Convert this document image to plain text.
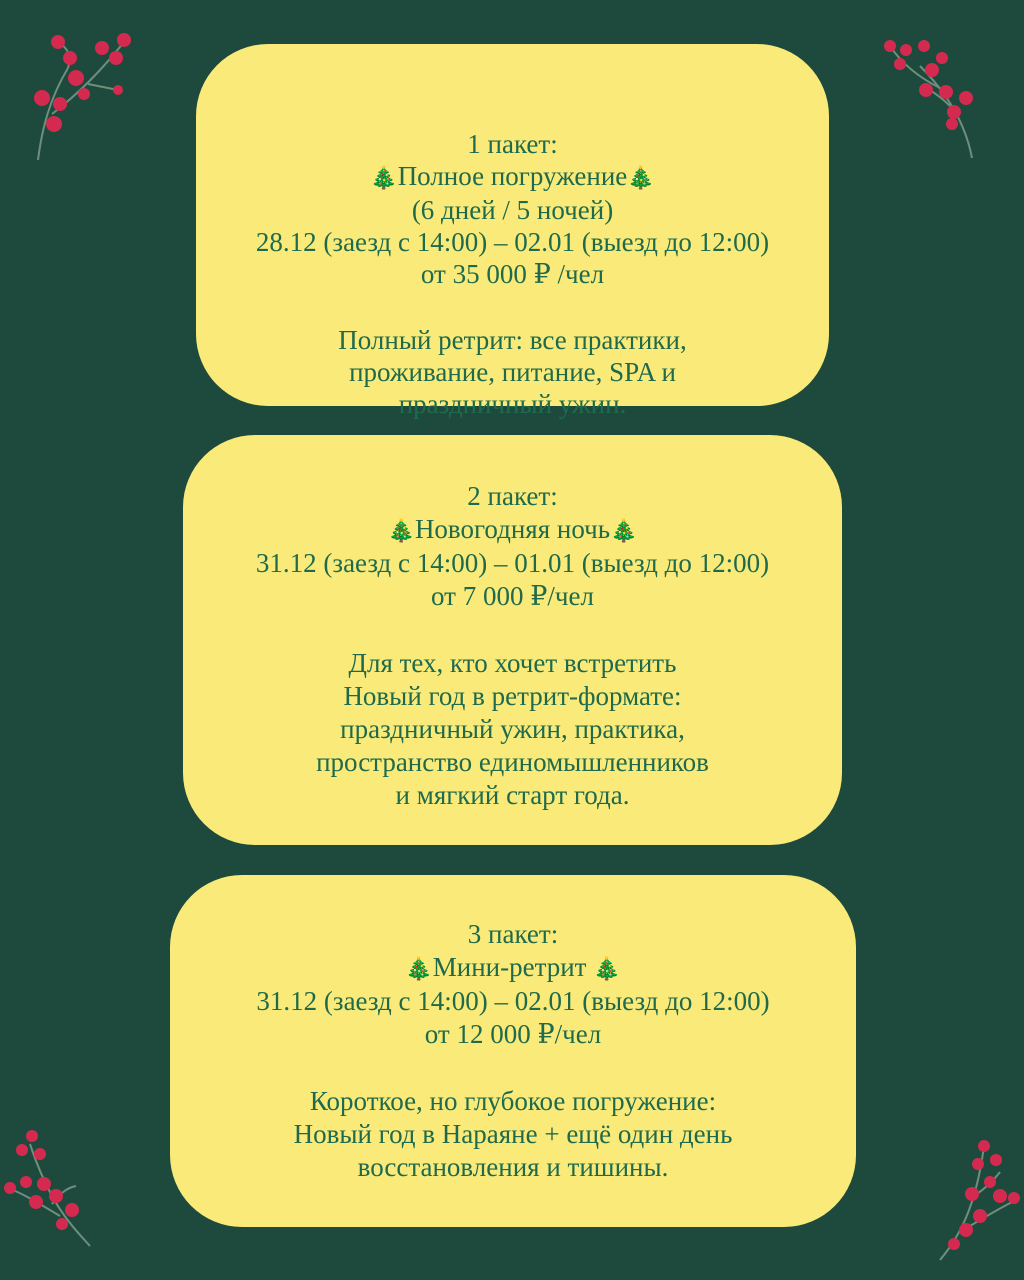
1 пакет:
🎄Полное погружение🎄
(6 дней / 5 ночей)
28.12 (заезд с 14:00) – 02.01 (выезд до 12:00)
от 35 000 ₽ /чел
Полный ретрит: все практики,
проживание, питание, SPA и
праздничный ужин.
2 пакет:
🎄Новогодняя ночь🎄
31.12 (заезд с 14:00) – 01.01 (выезд до 12:00)
от 7 000 ₽/чел
Для тех, кто хочет встретить
Новый год в ретрит-формате:
праздничный ужин, практика,
пространство единомышленников
и мягкий старт года.
3 пакет:
🎄Мини-ретрит 🎄
31.12 (заезд с 14:00) – 02.01 (выезд до 12:00)
от 12 000 ₽/чел
Короткое, но глубокое погружение:
Новый год в Нараяне + ещё один день
восстановления и тишины.
